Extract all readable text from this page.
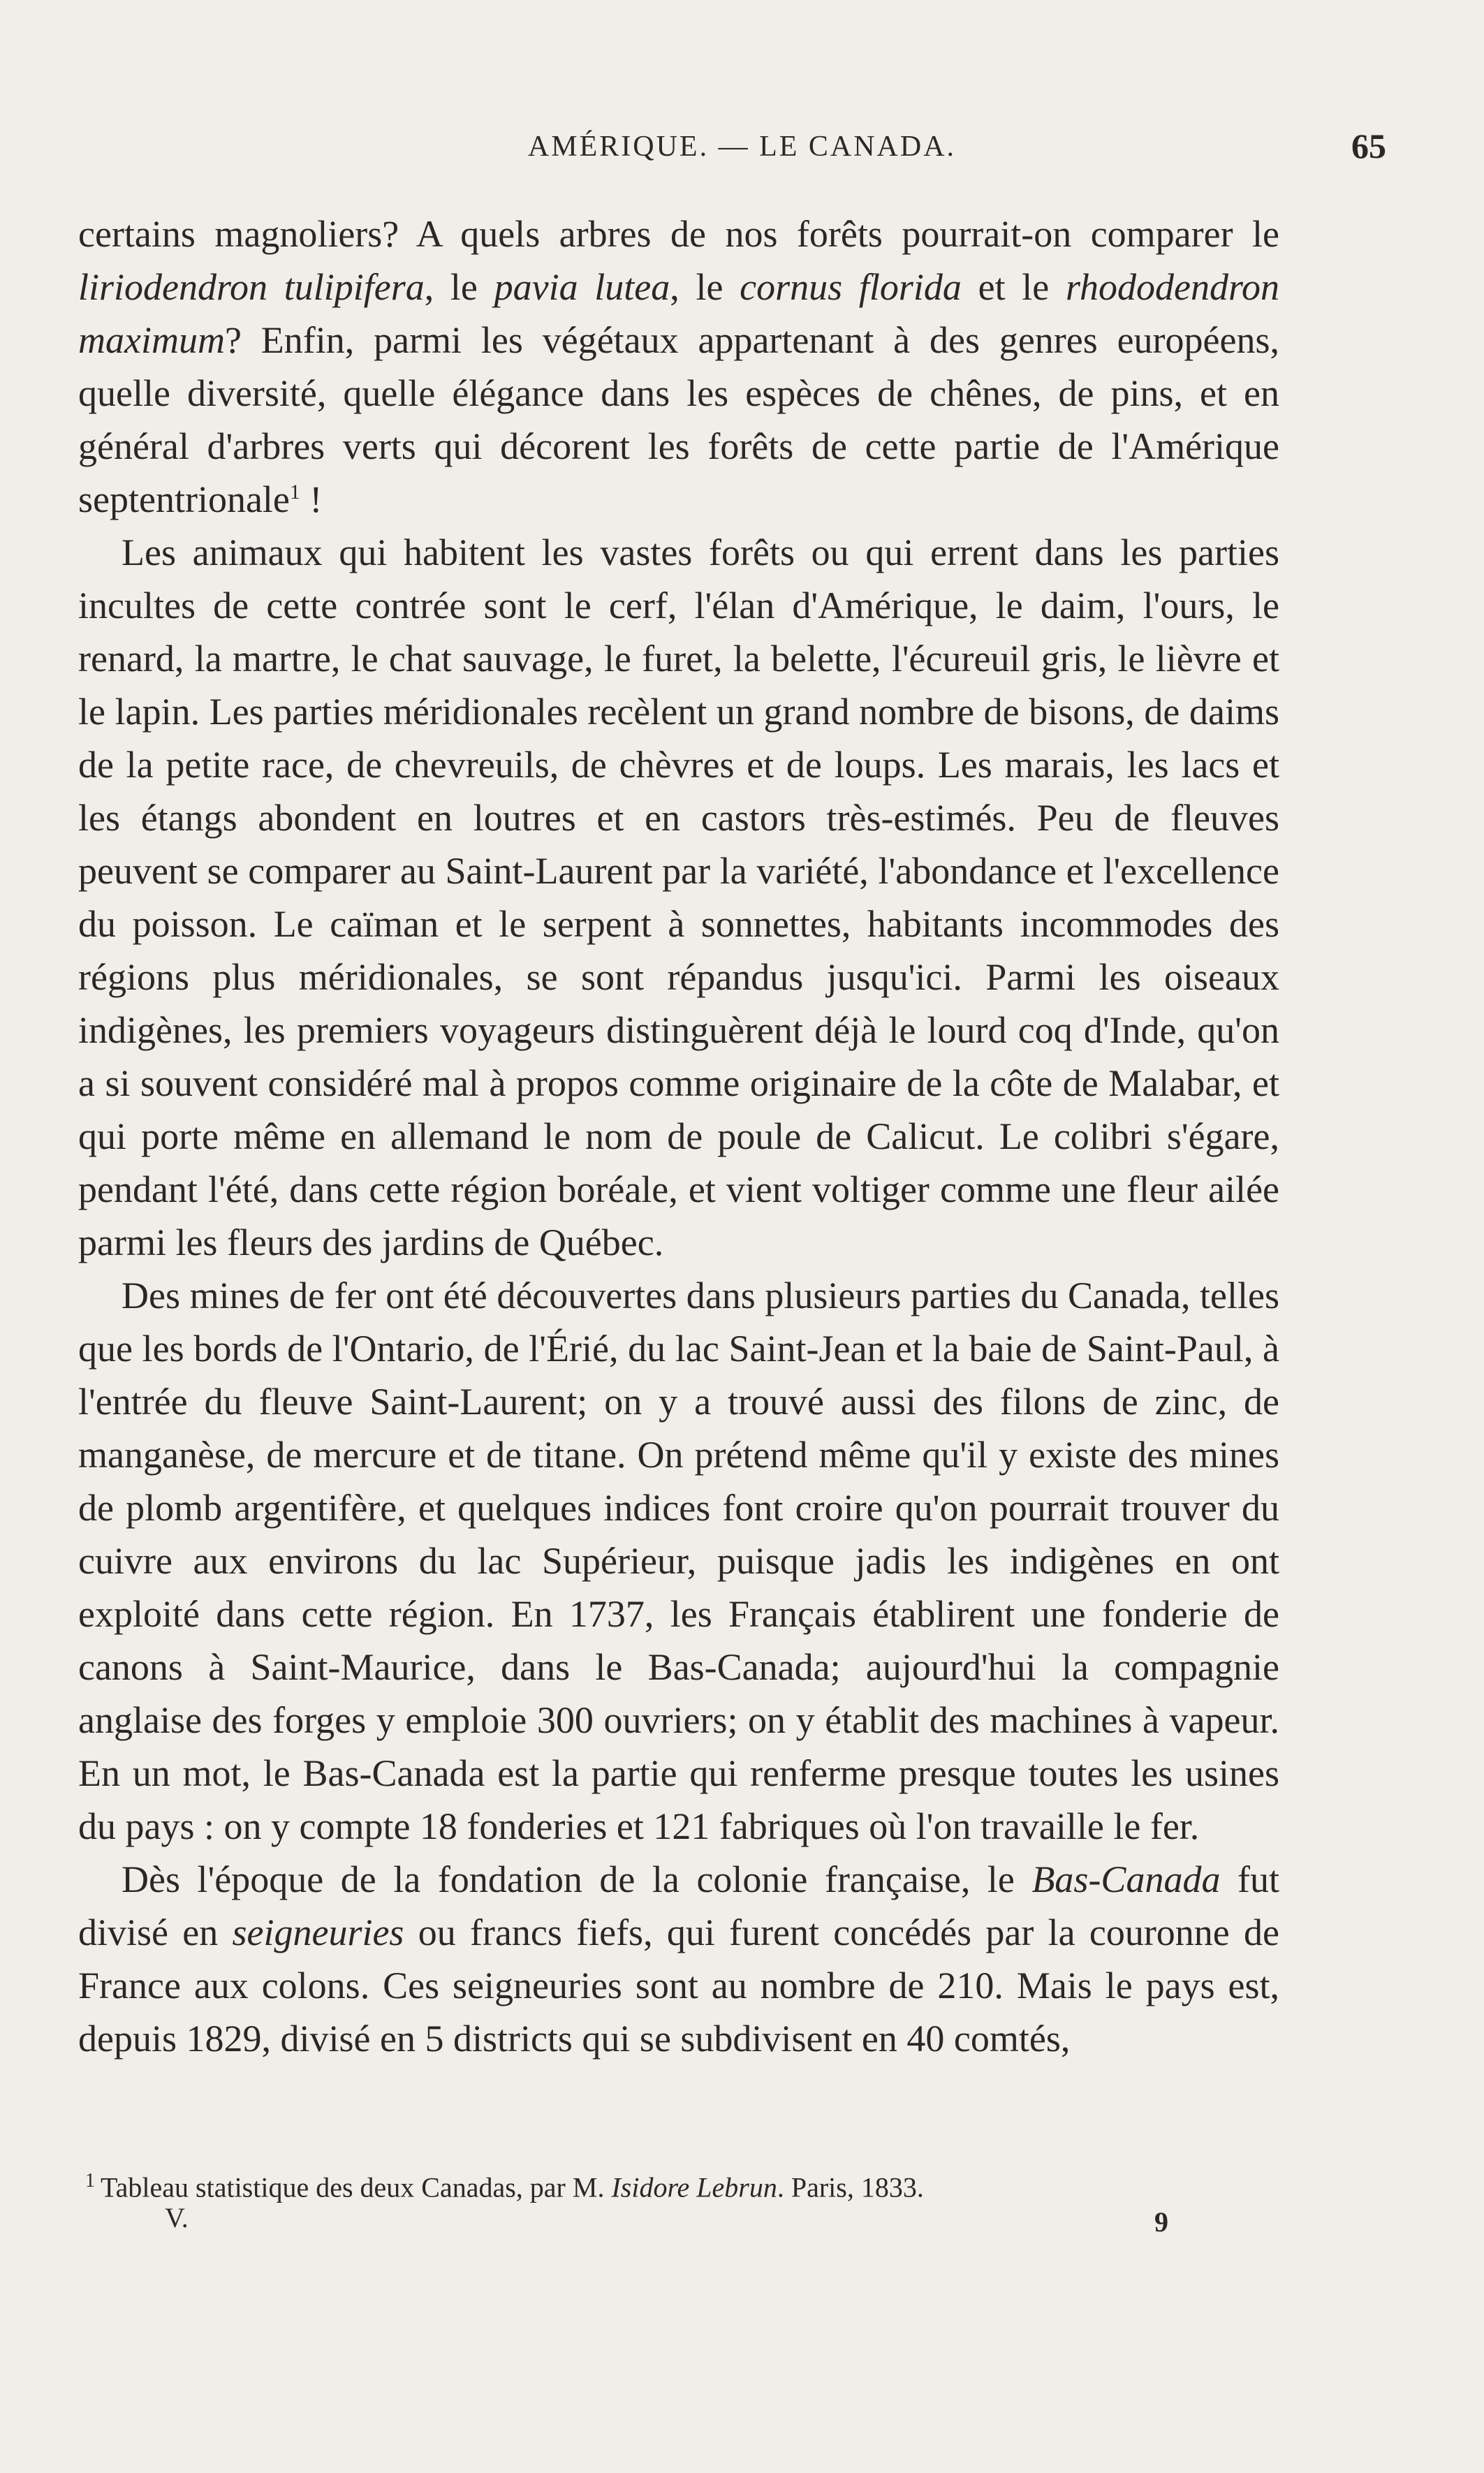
AMÉRIQUE. — LE CANADA.	65

certains magnoliers? A quels arbres de nos forêts pourrait-on comparer le liriodendron tulipifera, le pavia lutea, le cornus florida et le rhododendron maximum? Enfin, parmi les végétaux appartenant à des genres européens, quelle diversité, quelle élégance dans les espèces de chênes, de pins, et en général d'arbres verts qui décorent les forêts de cette partie de l'Amérique septentrionale$^1$ !

Les animaux qui habitent les vastes forêts ou qui errent dans les parties incultes de cette contrée sont le cerf, l'élan d'Amérique, le daim, l'ours, le renard, la martre, le chat sauvage, le furet, la belette, l'écureuil gris, le lièvre et le lapin. Les parties méridionales recèlent un grand nombre de bisons, de daims de la petite race, de chevreuils, de chèvres et de loups. Les marais, les lacs et les étangs abondent en loutres et en castors très-estimés. Peu de fleuves peuvent se comparer au Saint-Laurent par la variété, l'abondance et l'excellence du poisson. Le caïman et le serpent à sonnettes, habitants incommodes des régions plus méridionales, se sont répandus jusqu'ici. Parmi les oiseaux indigènes, les premiers voyageurs distinguèrent déjà le lourd coq d'Inde, qu'on a si souvent considéré mal à propos comme originaire de la côte de Malabar, et qui porte même en allemand le nom de poule de Calicut. Le colibri s'égare, pendant l'été, dans cette région boréale, et vient voltiger comme une fleur ailée parmi les fleurs des jardins de Québec.

Des mines de fer ont été découvertes dans plusieurs parties du Canada, telles que les bords de l'Ontario, de l'Érié, du lac Saint-Jean et la baie de Saint-Paul, à l'entrée du fleuve Saint-Laurent; on y a trouvé aussi des filons de zinc, de manganèse, de mercure et de titane. On prétend même qu'il y existe des mines de plomb argentifère, et quelques indices font croire qu'on pourrait trouver du cuivre aux environs du lac Supérieur, puisque jadis les indigènes en ont exploité dans cette région. En 1737, les Français établirent une fonderie de canons à Saint-Maurice, dans le Bas-Canada; aujourd'hui la compagnie anglaise des forges y emploie 300 ouvriers; on y établit des machines à vapeur. En un mot, le Bas-Canada est la partie qui renferme presque toutes les usines du pays : on y compte 18 fonderies et 121 fabriques où l'on travaille le fer.

Dès l'époque de la fondation de la colonie française, le Bas-Canada fut divisé en seigneuries ou francs fiefs, qui furent concédés par la couronne de France aux colons. Ces seigneuries sont au nombre de 210. Mais le pays est, depuis 1829, divisé en 5 districts qui se subdivisent en 40 comtés,

$^1$ Tableau statistique des deux Canadas, par M. Isidore Lebrun. Paris, 1833.
V.	9
